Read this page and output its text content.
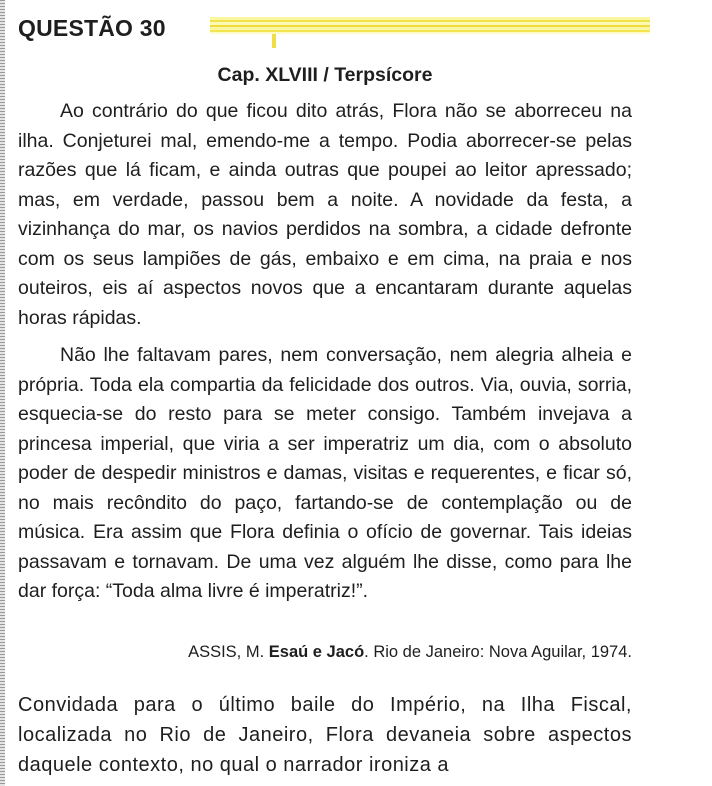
QUESTÃO 30
Cap. XLVIII / Terpsícore

Ao contrário do que ficou dito atrás, Flora não se aborreceu na ilha. Conjeturei mal, emendo-me a tempo. Podia aborrecer-se pelas razões que lá ficam, e ainda outras que poupei ao leitor apressado; mas, em verdade, passou bem a noite. A novidade da festa, a vizinhança do mar, os navios perdidos na sombra, a cidade defronte com os seus lampiões de gás, embaixo e em cima, na praia e nos outeiros, eis aí aspectos novos que a encantaram durante aquelas horas rápidas.

Não lhe faltavam pares, nem conversação, nem alegria alheia e própria. Toda ela compartia da felicidade dos outros. Via, ouvia, sorria, esquecia-se do resto para se meter consigo. Também invejava a princesa imperial, que viria a ser imperatriz um dia, com o absoluto poder de despedir ministros e damas, visitas e requerentes, e ficar só, no mais recôndito do paço, fartando-se de contemplação ou de música. Era assim que Flora definia o ofício de governar. Tais ideias passavam e tornavam. De uma vez alguém lhe disse, como para lhe dar força: “Toda alma livre é imperatriz!”.

ASSIS, M. Esaú e Jacó. Rio de Janeiro: Nova Aguilar, 1974.

Convidada para o último baile do Império, na Ilha Fiscal, localizada no Rio de Janeiro, Flora devaneia sobre aspectos daquele contexto, no qual o narrador ironiza a
